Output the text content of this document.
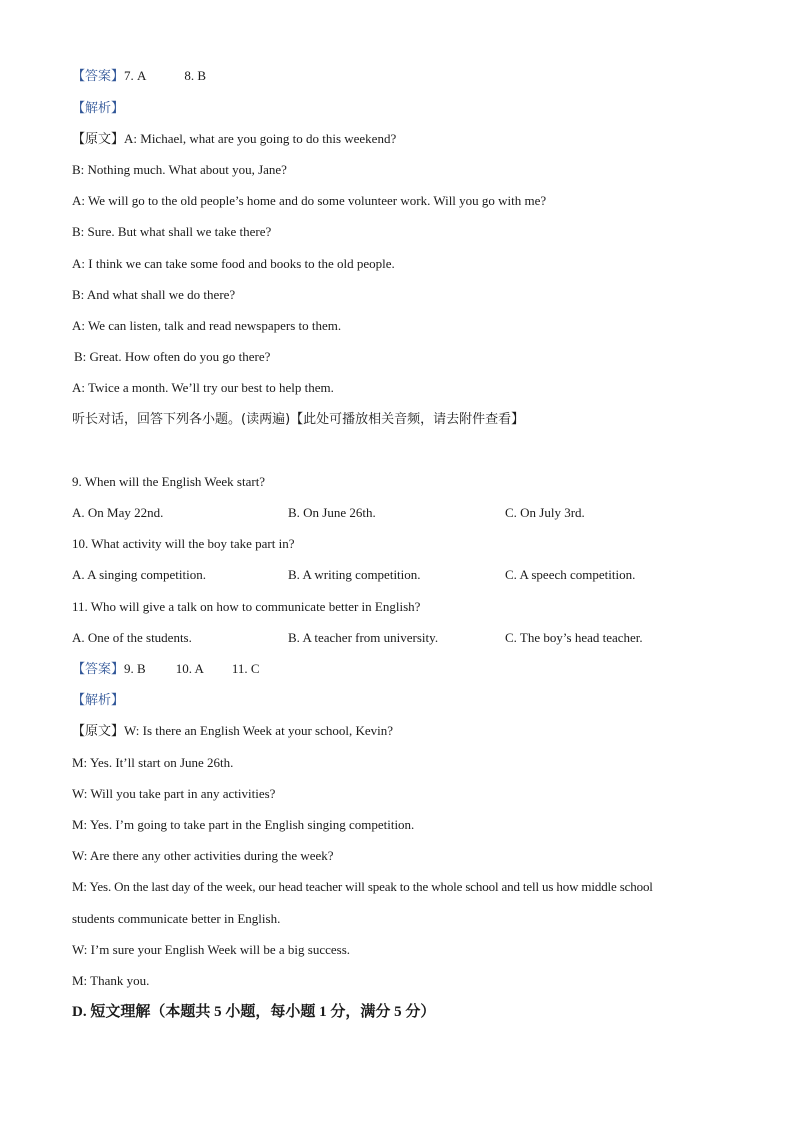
【答案】7. A	8. B
【解析】
【原文】A: Michael, what are you going to do this weekend?
B: Nothing much. What about you, Jane?
A: We will go to the old people’s home and do some volunteer work. Will you go with me?
B: Sure. But what shall we take there?
A: I think we can take some food and books to the old people.
B: And what shall we do there?
A: We can listen, talk and read newspapers to them.
B: Great. How often do you go there?
A: Twice a month. We’ll try our best to help them.
听长对话，回答下列各小题。(读两遍)【此处可播放相关音频，请去附件查看】
9. When will the English Week start?
A. On May 22nd.	B. On June 26th.	C. On July 3rd.
10. What activity will the boy take part in?
A. A singing competition.	B. A writing competition.	C. A speech competition.
11. Who will give a talk on how to communicate better in English?
A. One of the students.	B. A teacher from university.	C. The boy’s head teacher.
【答案】9. B 10. A 11. C
【解析】
【原文】W: Is there an English Week at your school, Kevin?
M: Yes. It’ll start on June 26th.
W: Will you take part in any activities?
M: Yes. I’m going to take part in the English singing competition.
W: Are there any other activities during the week?
M: Yes. On the last day of the week, our head teacher will speak to the whole school and tell us how middle school
students communicate better in English.
W: I’m sure your English Week will be a big success.
M: Thank you.
D. 短文理解（本题共 5 小题，每小题 1 分，满分 5 分）
